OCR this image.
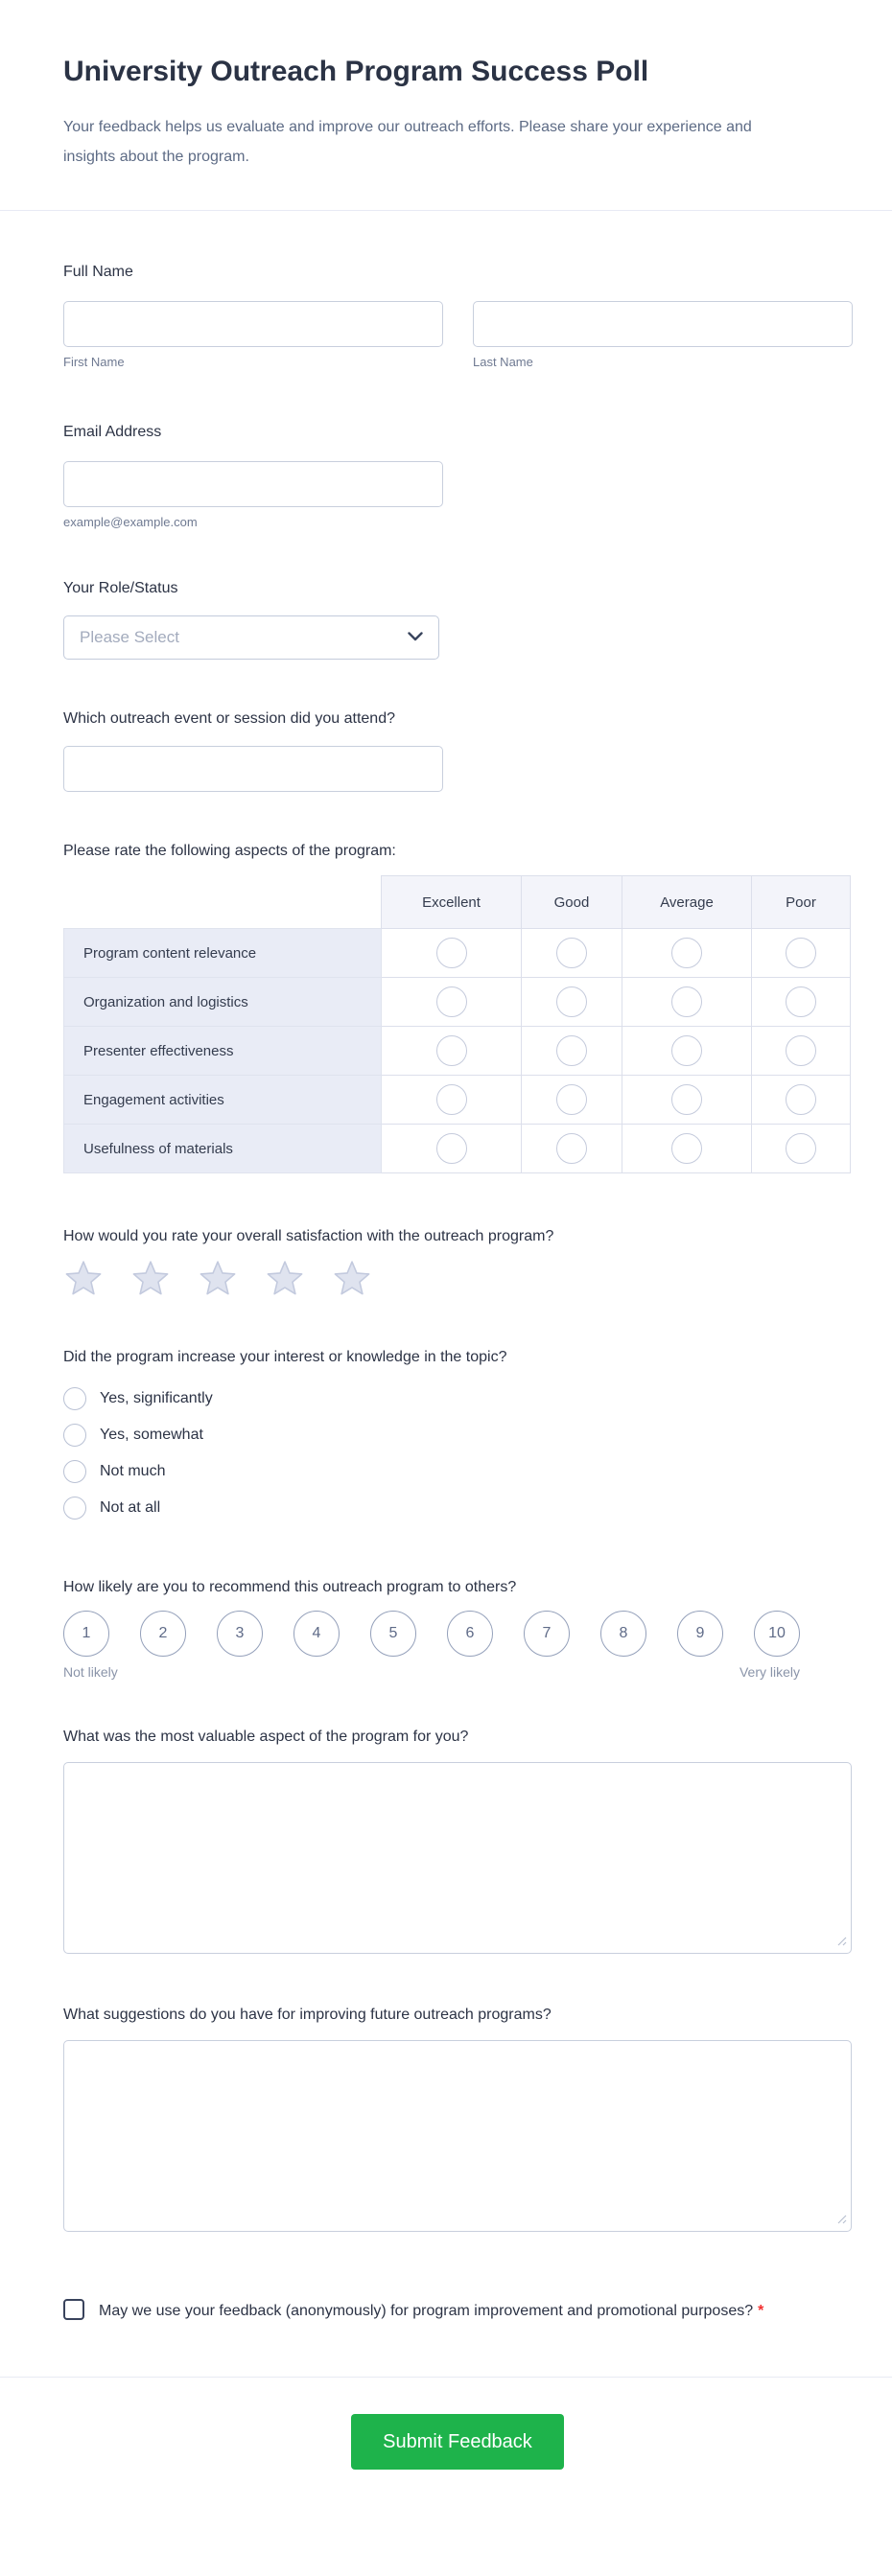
University Outreach Program Success Poll
Your feedback helps us evaluate and improve our outreach efforts. Please share your experience and insights about the program.
Full Name
First Name	Last Name
Email Address
example@example.com
Your Role/Status
Please Select
Which outreach event or session did you attend?
Please rate the following aspects of the program:
	Excellent	Good	Average	Poor
Program content relevance	

Organization and logistics	

Presenter effectiveness	

Engagement activities	

Usefulness of materials	

How would you rate your overall satisfaction with the outreach program?
Did the program increase your interest or knowledge in the topic?
Yes, significantly
Yes, somewhat
Not much
Not at all
How likely are you to recommend this outreach program to others?
1	2	3	4	5	6	7	8	9	10
Not likely	Very likely
What was the most valuable aspect of the program for you?
What suggestions do you have for improving future outreach programs?
May we use your feedback (anonymously) for program improvement and promotional purposes? *
Submit Feedback
